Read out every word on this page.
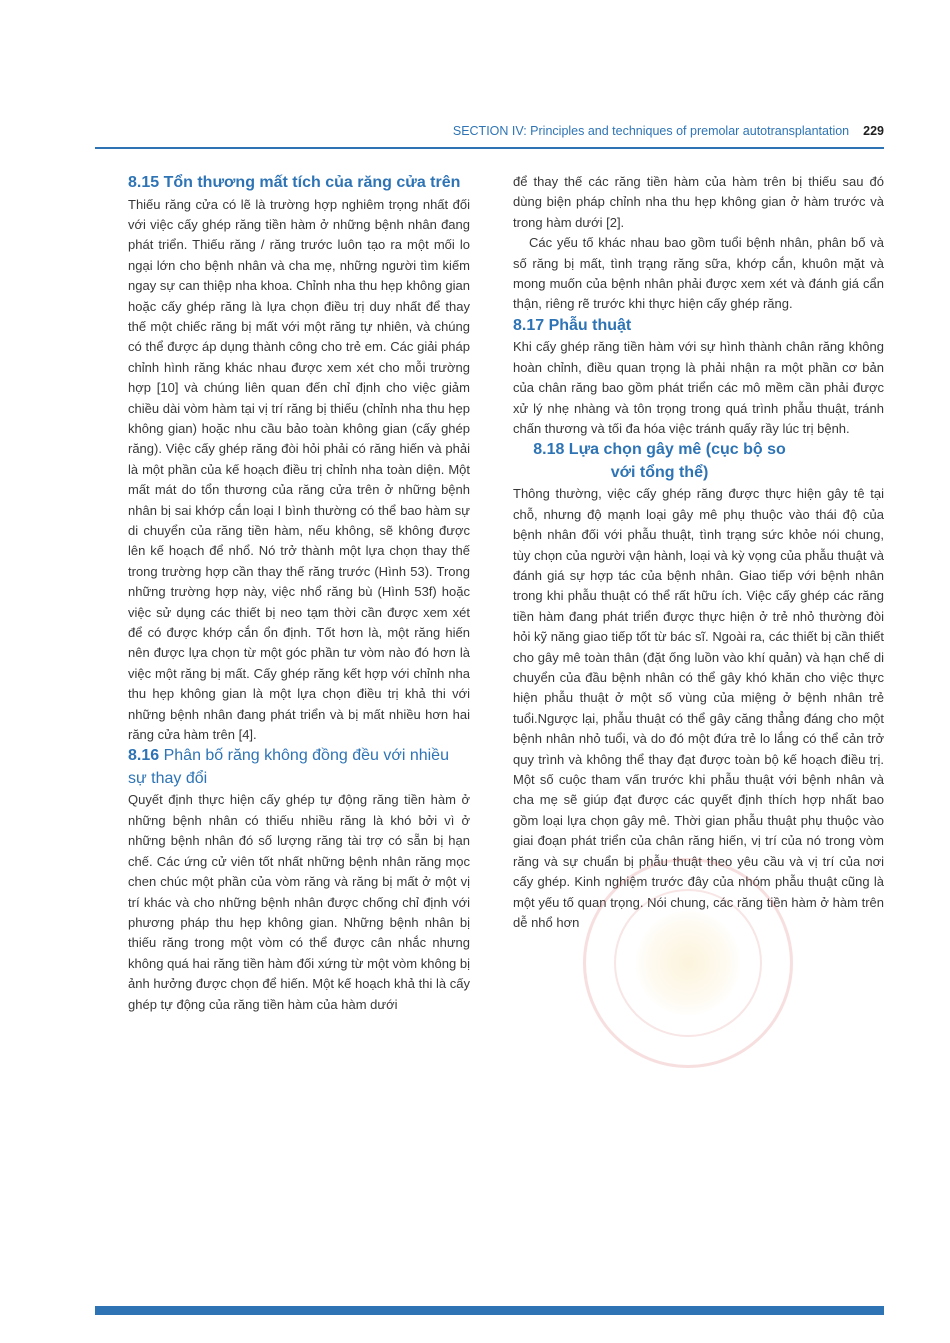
SECTION IV: Principles and techniques of premolar autotransplantation 229
8.15 Tổn thương mất tích của răng cửa trên

Thiếu răng cửa có lẽ là trường hợp nghiêm trọng nhất đối với việc cấy ghép răng tiền hàm ở những bệnh nhân đang phát triển. Thiếu răng / răng trước luôn tạo ra một mối lo ngại lớn cho bệnh nhân và cha mẹ, những người tìm kiếm ngay sự can thiệp nha khoa. Chỉnh nha thu hẹp không gian hoặc cấy ghép răng là lựa chọn điều trị duy nhất để thay thế một chiếc răng bị mất với một răng tự nhiên, và chúng có thể được áp dụng thành công cho trẻ em. Các giải pháp chỉnh hình răng khác nhau được xem xét cho mỗi trường hợp [10] và chúng liên quan đến chỉ định cho việc giảm chiều dài vòm hàm tại vị trí răng bị thiếu (chỉnh nha thu hẹp không gian) hoặc nhu cầu bảo toàn không gian (cấy ghép răng). Việc cấy ghép răng đòi hỏi phải có răng hiến và phải là một phần của kế hoạch điều trị chỉnh nha toàn diện. Một mất mát do tổn thương của răng cửa trên ở những bệnh nhân bị sai khớp cắn loại I bình thường có thể bao hàm sự di chuyển của răng tiền hàm, nếu không, sẽ không được lên kế hoạch để nhổ. Nó trở thành một lựa chọn thay thế trong trường hợp cần thay thế răng trước (Hình 53). Trong những trường hợp này, việc nhổ răng bù (Hình 53f) hoặc việc sử dụng các thiết bị neo tạm thời cần được xem xét để có được khớp cắn ổn định. Tốt hơn là, một răng hiến nên được lựa chọn từ một góc phần tư vòm nào đó hơn là việc một răng bị mất. Cấy ghép răng kết hợp với chỉnh nha thu hẹp không gian là một lựa chọn điều trị khả thi với những bệnh nhân đang phát triển và bị mất nhiều hơn hai răng cửa hàm trên [4].

8.16 Phân bố răng không đồng đều với nhiều sự thay đổi

Quyết định thực hiện cấy ghép tự động răng tiền hàm ở những bệnh nhân có thiếu nhiều răng là khó bởi vì ở những bệnh nhân đó số lượng răng tài trợ có sẵn bị hạn chế. Các ứng cử viên tốt nhất những bệnh nhân răng mọc chen chúc một phần của vòm răng và răng bị mất ở một vị trí khác và cho những bệnh nhân được chống chỉ định với phương pháp thu hẹp không gian. Những bệnh nhân bị thiếu răng trong một vòm có thể được cân nhắc nhưng không quá hai răng tiền hàm đối xứng từ một vòm không bị ảnh hưởng được chọn để hiến. Một kế hoạch khả thi là cấy ghép tự động của răng tiền hàm của hàm dưới

để thay thế các răng tiền hàm của hàm trên bị thiếu sau đó dùng biện pháp chỉnh nha thu hẹp không gian ở hàm trước và trong hàm dưới [2].

Các yếu tố khác nhau bao gồm tuổi bệnh nhân, phân bố và số răng bị mất, tình trạng răng sữa, khớp cắn, khuôn mặt và mong muốn của bệnh nhân phải được xem xét và đánh giá cẩn thận, riêng rẽ trước khi thực hiện cấy ghép răng.

8.17 Phẫu thuật

Khi cấy ghép răng tiền hàm với sự hình thành chân răng không hoàn chỉnh, điều quan trọng là phải nhận ra một phần cơ bản của chân răng bao gồm phát triển các mô mềm cần phải được xử lý nhẹ nhàng và tôn trọng trong quá trình phẫu thuật, tránh chấn thương và tối đa hóa việc tránh quấy rầy lúc trị bệnh.

8.18 Lựa chọn gây mê (cục bộ so
với tổng thể)

Thông thường, việc cấy ghép răng được thực hiện gây tê tại chỗ, nhưng độ mạnh loại gây mê phụ thuộc vào thái độ của bệnh nhân đối với phẫu thuật, tình trạng sức khỏe nói chung, tùy chọn của người vận hành, loại và kỳ vọng của phẫu thuật và đánh giá sự hợp tác của bệnh nhân. Giao tiếp với bệnh nhân trong khi phẫu thuật có thể rất hữu ích. Việc cấy ghép các răng tiền hàm đang phát triển được thực hiện ở trẻ nhỏ thường đòi hỏi kỹ năng giao tiếp tốt từ bác sĩ. Ngoài ra, các thiết bị cần thiết cho gây mê toàn thân (đặt ống luồn vào khí quản) và hạn chế di chuyển của đầu bệnh nhân có thể gây khó khăn cho việc thực hiện phẫu thuật ở một số vùng của miệng ở bệnh nhân trẻ tuổi.Ngược lại, phẫu thuật có thể gây căng thẳng đáng cho một bệnh nhân nhỏ tuổi, và do đó một đứa trẻ lo lắng có thể cản trở quy trình và không thể thay đạt được toàn bộ kế hoạch điều trị. Một số cuộc tham vấn trước khi phẫu thuật với bệnh nhân và cha mẹ sẽ giúp đạt được các quyết định thích hợp nhất bao gồm loại lựa chọn gây mê. Thời gian phẫu thuật phụ thuộc vào giai đoạn phát triển của chân răng hiến, vị trí của nó trong vòm răng và sự chuẩn bị phẫu thuật theo yêu cầu và vị trí của nơi cấy ghép. Kinh nghiệm trước đây của nhóm phẫu thuật cũng là một yếu tố quan trọng. Nói chung, các răng tiền hàm ở hàm trên dễ nhổ hơn
